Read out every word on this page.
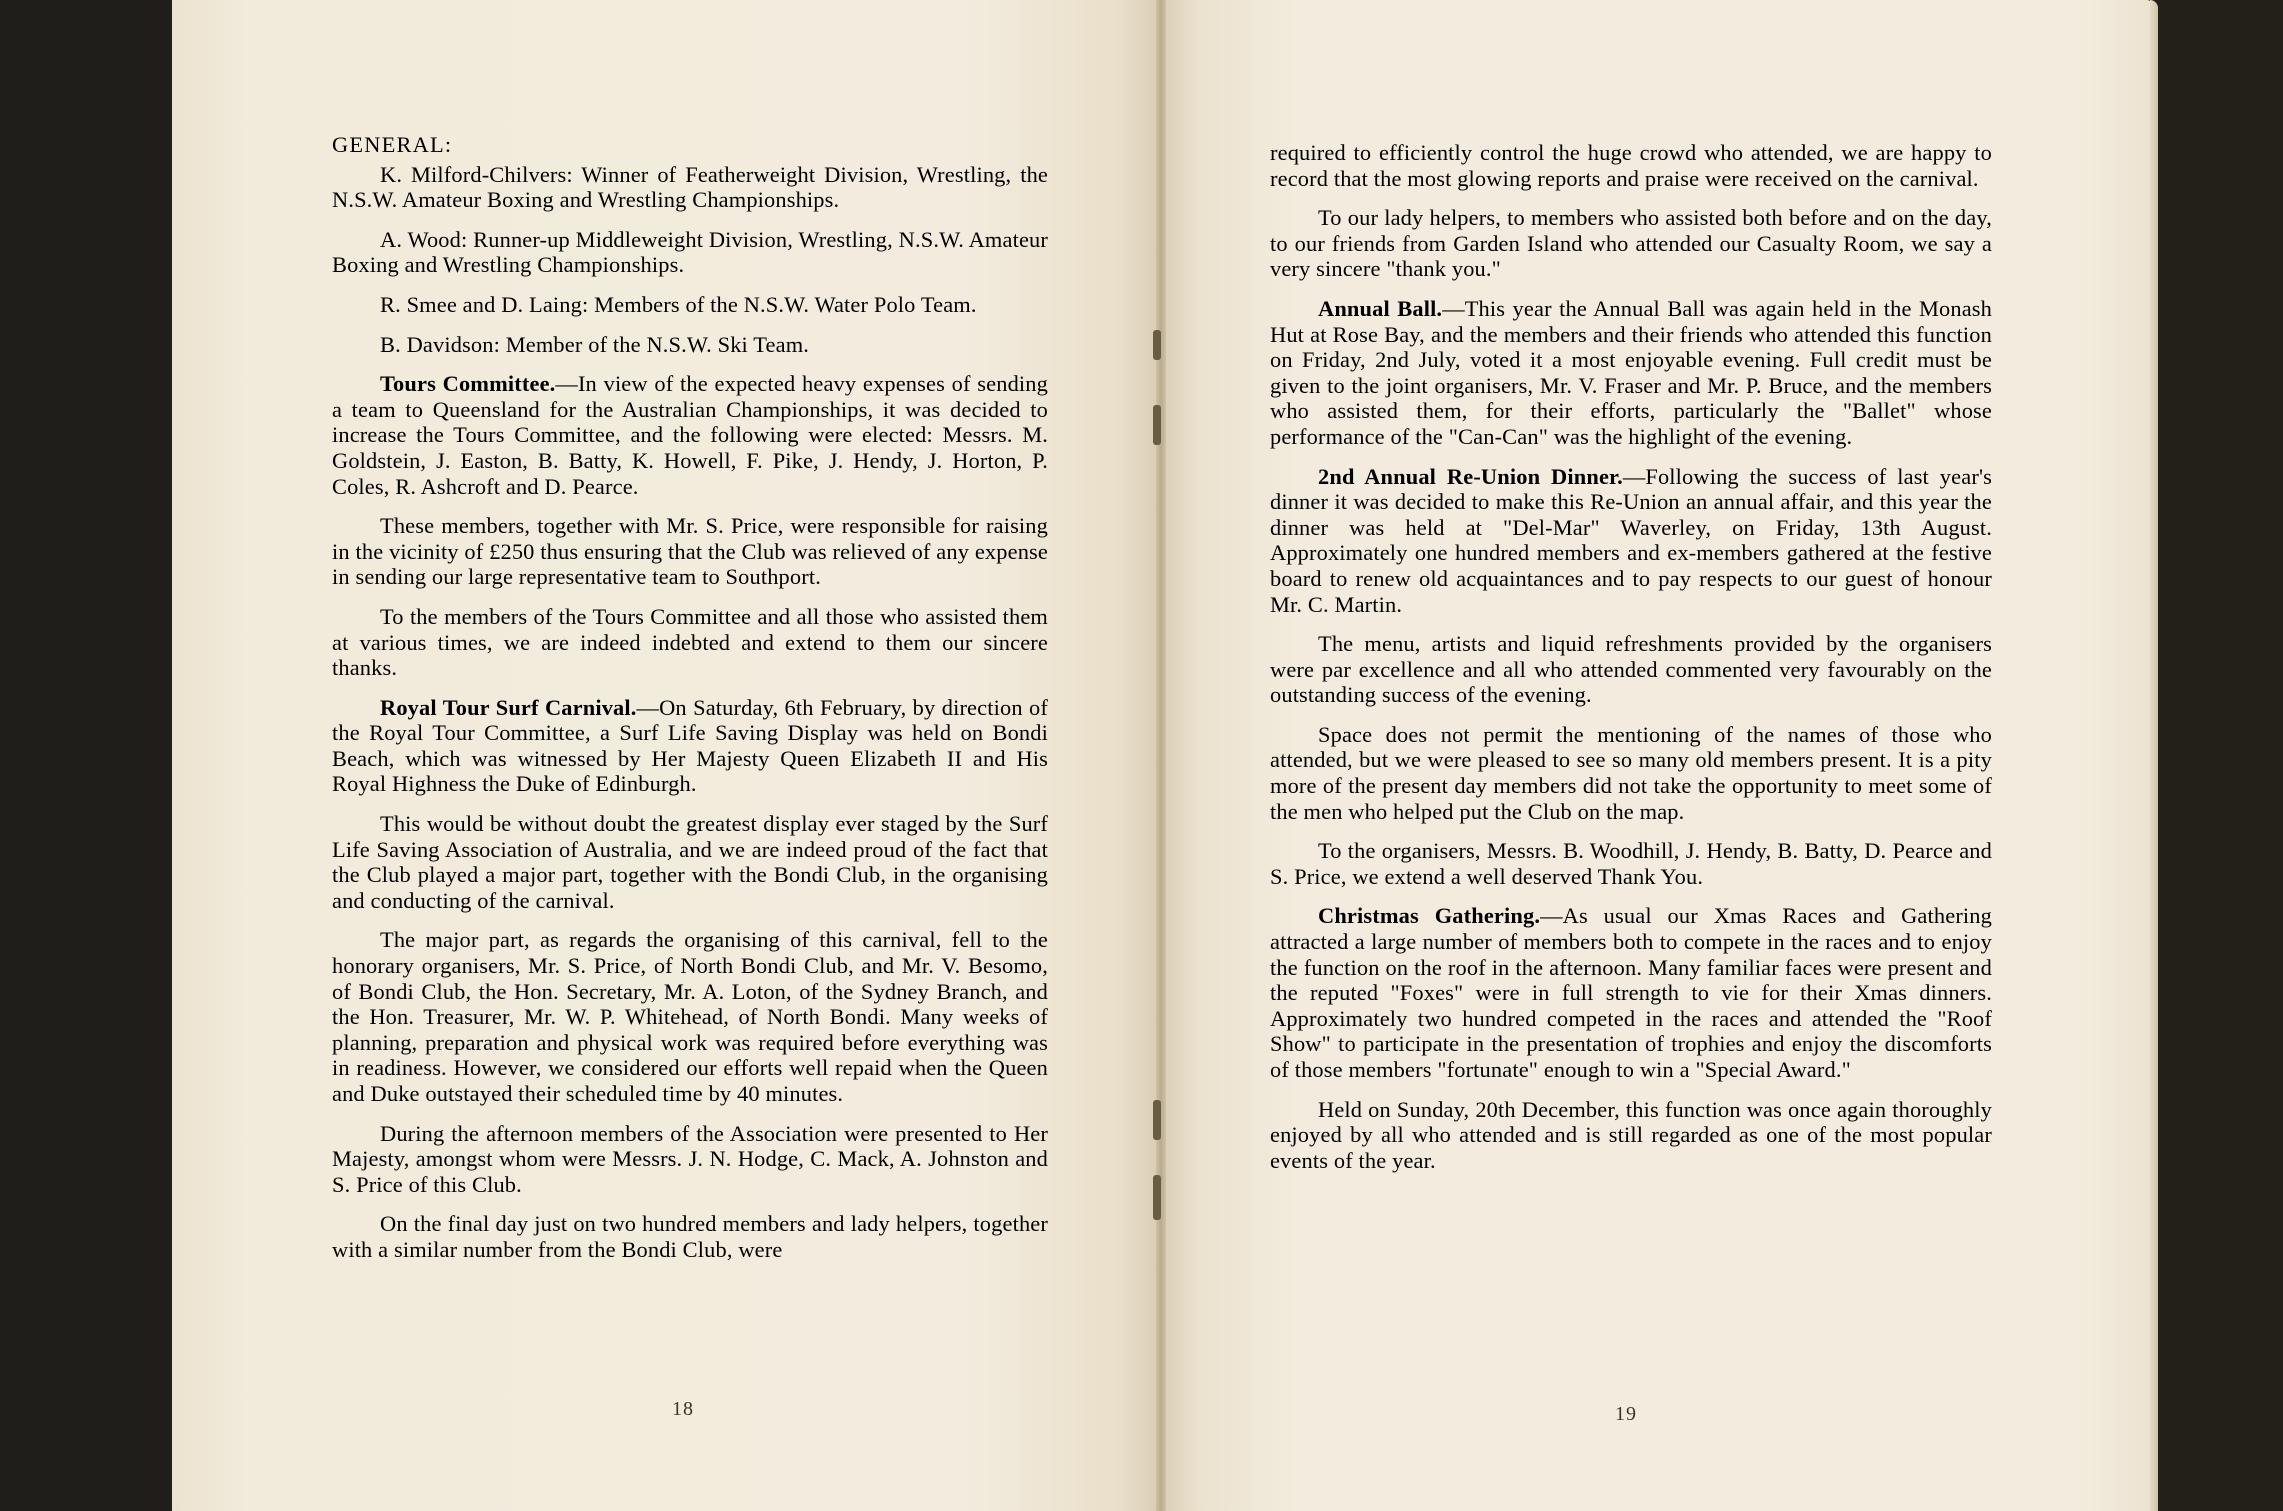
GENERAL:

K. Milford-Chilvers: Winner of Featherweight Division, Wrestling, the N.S.W. Amateur Boxing and Wrestling Championships.

A. Wood: Runner-up Middleweight Division, Wrestling, N.S.W. Amateur Boxing and Wrestling Championships.

R. Smee and D. Laing: Members of the N.S.W. Water Polo Team.

B. Davidson: Member of the N.S.W. Ski Team.

Tours Committee.—In view of the expected heavy expenses of sending a team to Queensland for the Australian Championships, it was decided to increase the Tours Committee, and the following were elected: Messrs. M. Goldstein, J. Easton, B. Batty, K. Howell, F. Pike, J. Hendy, J. Horton, P. Coles, R. Ashcroft and D. Pearce.

These members, together with Mr. S. Price, were responsible for raising in the vicinity of £250 thus ensuring that the Club was relieved of any expense in sending our large representative team to Southport.

To the members of the Tours Committee and all those who assisted them at various times, we are indeed indebted and extend to them our sincere thanks.

Royal Tour Surf Carnival.—On Saturday, 6th February, by direction of the Royal Tour Committee, a Surf Life Saving Display was held on Bondi Beach, which was witnessed by Her Majesty Queen Elizabeth II and His Royal Highness the Duke of Edinburgh.

This would be without doubt the greatest display ever staged by the Surf Life Saving Association of Australia, and we are indeed proud of the fact that the Club played a major part, together with the Bondi Club, in the organising and conducting of the carnival.

The major part, as regards the organising of this carnival, fell to the honorary organisers, Mr. S. Price, of North Bondi Club, and Mr. V. Besomo, of Bondi Club, the Hon. Secretary, Mr. A. Loton, of the Sydney Branch, and the Hon. Treasurer, Mr. W. P. Whitehead, of North Bondi. Many weeks of planning, preparation and physical work was required before everything was in readiness. However, we considered our efforts well repaid when the Queen and Duke outstayed their scheduled time by 40 minutes.

During the afternoon members of the Association were presented to Her Majesty, amongst whom were Messrs. J. N. Hodge, C. Mack, A. Johnston and S. Price of this Club.

On the final day just on two hundred members and lady helpers, together with a similar number from the Bondi Club, were

required to efficiently control the huge crowd who attended, we are happy to record that the most glowing reports and praise were received on the carnival.

To our lady helpers, to members who assisted both before and on the day, to our friends from Garden Island who attended our Casualty Room, we say a very sincere "thank you."

Annual Ball.—This year the Annual Ball was again held in the Monash Hut at Rose Bay, and the members and their friends who attended this function on Friday, 2nd July, voted it a most enjoyable evening. Full credit must be given to the joint organisers, Mr. V. Fraser and Mr. P. Bruce, and the members who assisted them, for their efforts, particularly the "Ballet" whose performance of the "Can-Can" was the highlight of the evening.

2nd Annual Re-Union Dinner.—Following the success of last year's dinner it was decided to make this Re-Union an annual affair, and this year the dinner was held at "Del-Mar" Waverley, on Friday, 13th August. Approximately one hundred members and ex-members gathered at the festive board to renew old acquaintances and to pay respects to our guest of honour Mr. C. Martin.

The menu, artists and liquid refreshments provided by the organisers were par excellence and all who attended commented very favourably on the outstanding success of the evening.

Space does not permit the mentioning of the names of those who attended, but we were pleased to see so many old members present. It is a pity more of the present day members did not take the opportunity to meet some of the men who helped put the Club on the map.

To the organisers, Messrs. B. Woodhill, J. Hendy, B. Batty, D. Pearce and S. Price, we extend a well deserved Thank You.

Christmas Gathering.—As usual our Xmas Races and Gathering attracted a large number of members both to compete in the races and to enjoy the function on the roof in the afternoon. Many familiar faces were present and the reputed "Foxes" were in full strength to vie for their Xmas dinners. Approximately two hundred competed in the races and attended the "Roof Show" to participate in the presentation of trophies and enjoy the discomforts of those members "fortunate" enough to win a "Special Award."

Held on Sunday, 20th December, this function was once again thoroughly enjoyed by all who attended and is still regarded as one of the most popular events of the year.

18	19
